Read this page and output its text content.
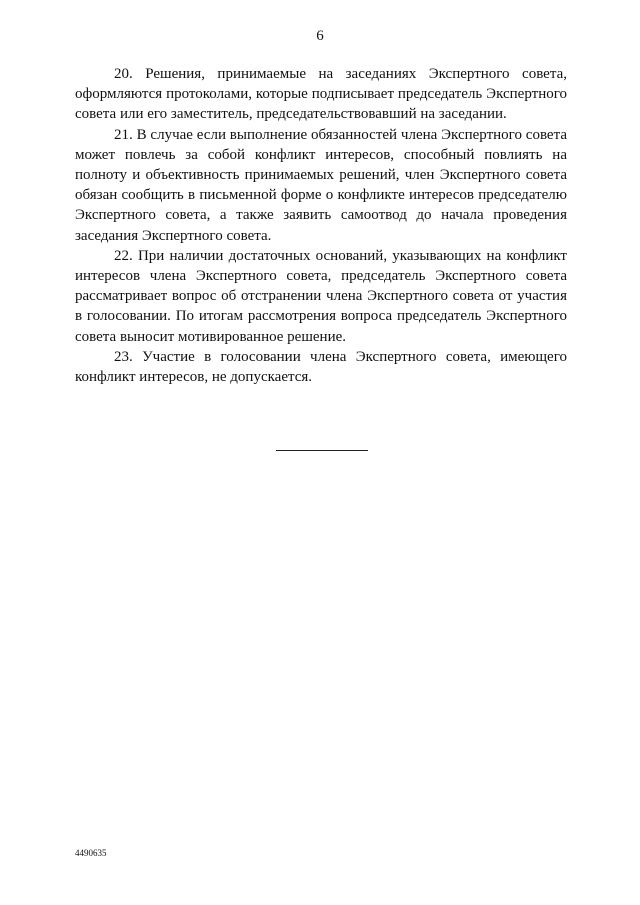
6

20. Решения, принимаемые на заседаниях Экспертного совета, оформляются протоколами, которые подписывает председатель Экспертного совета или его заместитель, председательствовавший на заседании.

21. В случае если выполнение обязанностей члена Экспертного совета может повлечь за собой конфликт интересов, способный повлиять на полноту и объективность принимаемых решений, член Экспертного совета обязан сообщить в письменной форме о конфликте интересов председателю Экспертного совета, а также заявить самоотвод до начала проведения заседания Экспертного совета.

22. При наличии достаточных оснований, указывающих на конфликт интересов члена Экспертного совета, председатель Экспертного совета рассматривает вопрос об отстранении члена Экспертного совета от участия в голосовании. По итогам рассмотрения вопроса председатель Экспертного совета выносит мотивированное решение.

23. Участие в голосовании члена Экспертного совета, имеющего конфликт интересов, не допускается.

4490635
